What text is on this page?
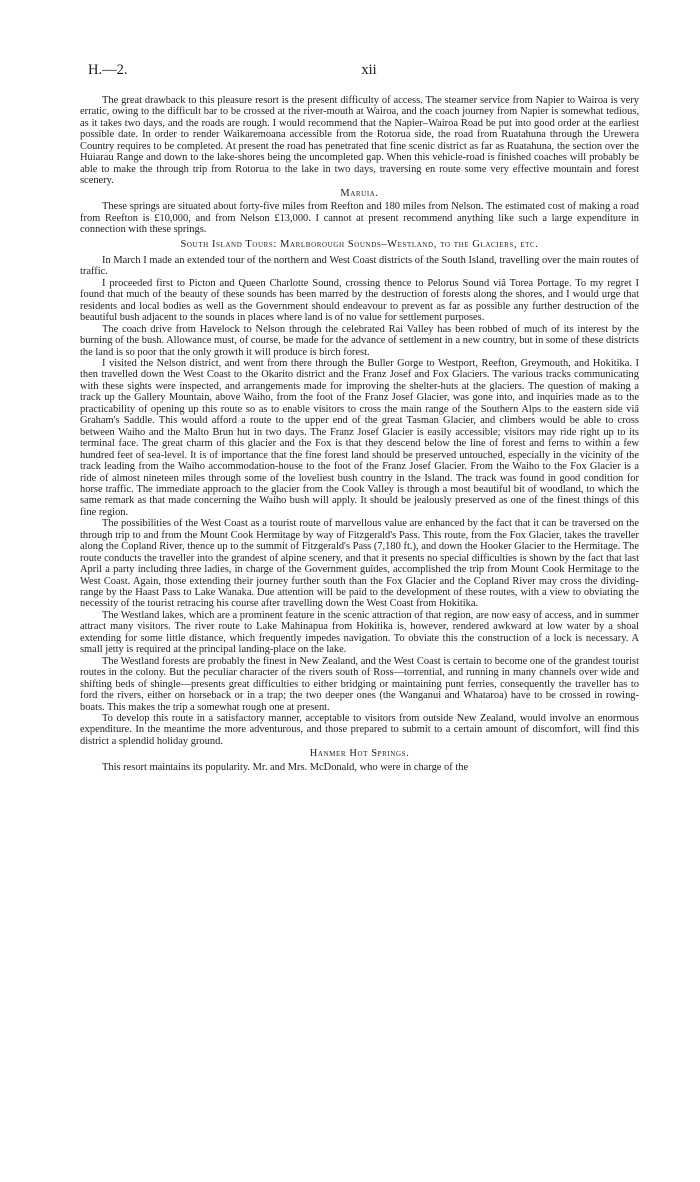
H.—2.	xii

The great drawback to this pleasure resort is the present difficulty of access. The steamer service from Napier to Wairoa is very erratic, owing to the difficult bar to be crossed at the river-mouth at Wairoa, and the coach journey from Napier is somewhat tedious, as it takes two days, and the roads are rough. I would recommend that the Napier–Wairoa Road be put into good order at the earliest possible date. In order to render Waikaremoana accessible from the Rotorua side, the road from Ruatahuna through the Urewera Country requires to be completed. At present the road has penetrated that fine scenic district as far as Ruatahuna, the section over the Huiarau Range and down to the lake-shores being the uncompleted gap. When this vehicle-road is finished coaches will probably be able to make the through trip from Rotorua to the lake in two days, traversing en route some very effective mountain and forest scenery.

Maruia.

These springs are situated about forty-five miles from Reefton and 180 miles from Nelson. The estimated cost of making a road from Reefton is £10,000, and from Nelson £13,000. I cannot at present recommend anything like such a large expenditure in connection with these springs.

South Island Tours: Marlborough Sounds–Westland, to the Glaciers, etc.

In March I made an extended tour of the northern and West Coast districts of the South Island, travelling over the main routes of traffic.

I proceeded first to Picton and Queen Charlotte Sound, crossing thence to Pelorus Sound viâ Torea Portage. To my regret I found that much of the beauty of these sounds has been marred by the destruction of forests along the shores, and I would urge that residents and local bodies as well as the Government should endeavour to prevent as far as possible any further destruction of the beautiful bush adjacent to the sounds in places where land is of no value for settlement purposes.

The coach drive from Havelock to Nelson through the celebrated Rai Valley has been robbed of much of its interest by the burning of the bush. Allowance must, of course, be made for the advance of settlement in a new country, but in some of these districts the land is so poor that the only growth it will produce is birch forest.

I visited the Nelson district, and went from there through the Buller Gorge to Westport, Reefton, Greymouth, and Hokitika. I then travelled down the West Coast to the Okarito district and the Franz Josef and Fox Glaciers. The various tracks communicating with these sights were inspected, and arrangements made for improving the shelter-huts at the glaciers. The question of making a track up the Gallery Mountain, above Waiho, from the foot of the Franz Josef Glacier, was gone into, and inquiries made as to the practicability of opening up this route so as to enable visitors to cross the main range of the Southern Alps to the eastern side viâ Graham's Saddle. This would afford a route to the upper end of the great Tasman Glacier, and climbers would be able to cross between Waiho and the Malto Brun hut in two days. The Franz Josef Glacier is easily accessible; visitors may ride right up to its terminal face. The great charm of this glacier and the Fox is that they descend below the line of forest and ferns to within a few hundred feet of sea-level. It is of importance that the fine forest land should be preserved untouched, especially in the vicinity of the track leading from the Waiho accommodation-house to the foot of the Franz Josef Glacier. From the Waiho to the Fox Glacier is a ride of almost nineteen miles through some of the loveliest bush country in the Island. The track was found in good condition for horse traffic. The immediate approach to the glacier from the Cook Valley is through a most beautiful bit of woodland, to which the same remark as that made concerning the Waiho bush will apply. It should be jealously preserved as one of the finest things of this fine region.

The possibilities of the West Coast as a tourist route of marvellous value are enhanced by the fact that it can be traversed on the through trip to and from the Mount Cook Hermitage by way of Fitzgerald's Pass. This route, from the Fox Glacier, takes the traveller along the Copland River, thence up to the summit of Fitzgerald's Pass (7,180 ft.), and down the Hooker Glacier to the Hermitage. The route conducts the traveller into the grandest of alpine scenery, and that it presents no special difficulties is shown by the fact that last April a party including three ladies, in charge of the Government guides, accomplished the trip from Mount Cook Hermitage to the West Coast. Again, those extending their journey further south than the Fox Glacier and the Copland River may cross the dividing-range by the Haast Pass to Lake Wanaka. Due attention will be paid to the development of these routes, with a view to obviating the necessity of the tourist retracing his course after travelling down the West Coast from Hokitika.

The Westland lakes, which are a prominent feature in the scenic attraction of that region, are now easy of access, and in summer attract many visitors. The river route to Lake Mahinapua from Hokitika is, however, rendered awkward at low water by a shoal extending for some little distance, which frequently impedes navigation. To obviate this the construction of a lock is necessary. A small jetty is required at the principal landing-place on the lake.

The Westland forests are probably the finest in New Zealand, and the West Coast is certain to become one of the grandest tourist routes in the colony. But the peculiar character of the rivers south of Ross—torrential, and running in many channels over wide and shifting beds of shingle—presents great difficulties to either bridging or maintaining punt ferries, consequently the traveller has to ford the rivers, either on horseback or in a trap; the two deeper ones (the Wanganui and Whataroa) have to be crossed in rowing-boats. This makes the trip a somewhat rough one at present.

To develop this route in a satisfactory manner, acceptable to visitors from outside New Zealand, would involve an enormous expenditure. In the meantime the more adventurous, and those prepared to submit to a certain amount of discomfort, will find this district a splendid holiday ground.

Hanmer Hot Springs.

This resort maintains its popularity. Mr. and Mrs. McDonald, who were in charge of the
